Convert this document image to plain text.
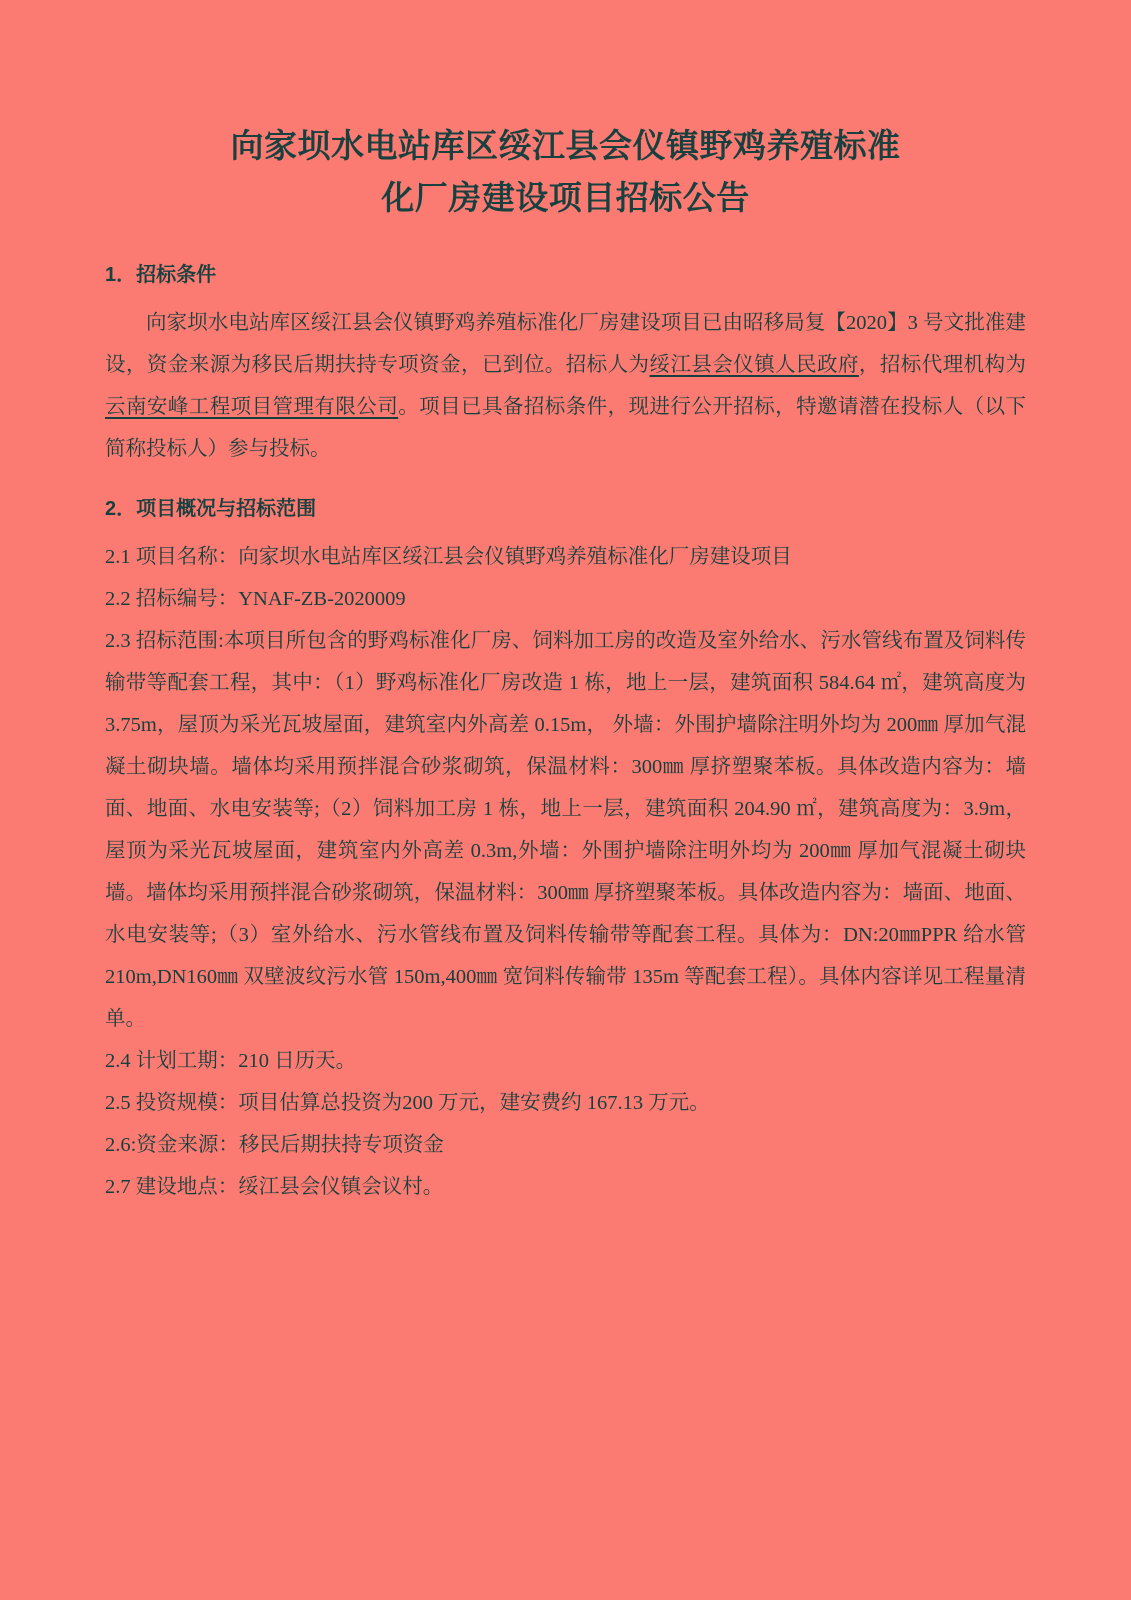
向家坝水电站库区绥江县会仪镇野鸡养殖标准
化厂房建设项目招标公告
1．招标条件

向家坝水电站库区绥江县会仪镇野鸡养殖标准化厂房建设项目已由昭移局复【2020】3 号文批准建设，资金来源为移民后期扶持专项资金，已到位。招标人为绥江县会仪镇人民政府，招标代理机构为云南安峰工程项目管理有限公司。项目已具备招标条件，现进行公开招标，特邀请潜在投标人（以下简称投标人）参与投标。

2．项目概况与招标范围

2.1 项目名称：向家坝水电站库区绥江县会仪镇野鸡养殖标准化厂房建设项目

2.2 招标编号：YNAF-ZB-2020009

2.3 招标范围:本项目所包含的野鸡标准化厂房、饲料加工房的改造及室外给水、污水管线布置及饲料传输带等配套工程，其中：（1）野鸡标准化厂房改造 1 栋，地上一层，建筑面积 584.64 ㎡，建筑高度为 3.75m，屋顶为采光瓦坡屋面，建筑室内外高差 0.15m， 外墙：外围护墙除注明外均为 200㎜ 厚加气混凝土砌块墙。墙体均采用预拌混合砂浆砌筑，保温材料：300㎜ 厚挤塑聚苯板。具体改造内容为：墙面、地面、水电安装等;（2）饲料加工房 1 栋，地上一层，建筑面积 204.90 ㎡，建筑高度为：3.9m，屋顶为采光瓦坡屋面，建筑室内外高差 0.3m,外墙：外围护墙除注明外均为 200㎜ 厚加气混凝土砌块墙。墙体均采用预拌混合砂浆砌筑，保温材料：300㎜ 厚挤塑聚苯板。具体改造内容为：墙面、地面、水电安装等;（3）室外给水、污水管线布置及饲料传输带等配套工程。具体为：DN:20㎜PPR 给水管 210m,DN160㎜ 双壁波纹污水管 150m,400㎜ 宽饲料传输带 135m 等配套工程）。具体内容详见工程量清单。

2.4 计划工期：210 日历天。

2.5 投资规模：项目估算总投资为200 万元，建安费约 167.13 万元。

2.6:资金来源：移民后期扶持专项资金

2.7 建设地点：绥江县会仪镇会议村。
